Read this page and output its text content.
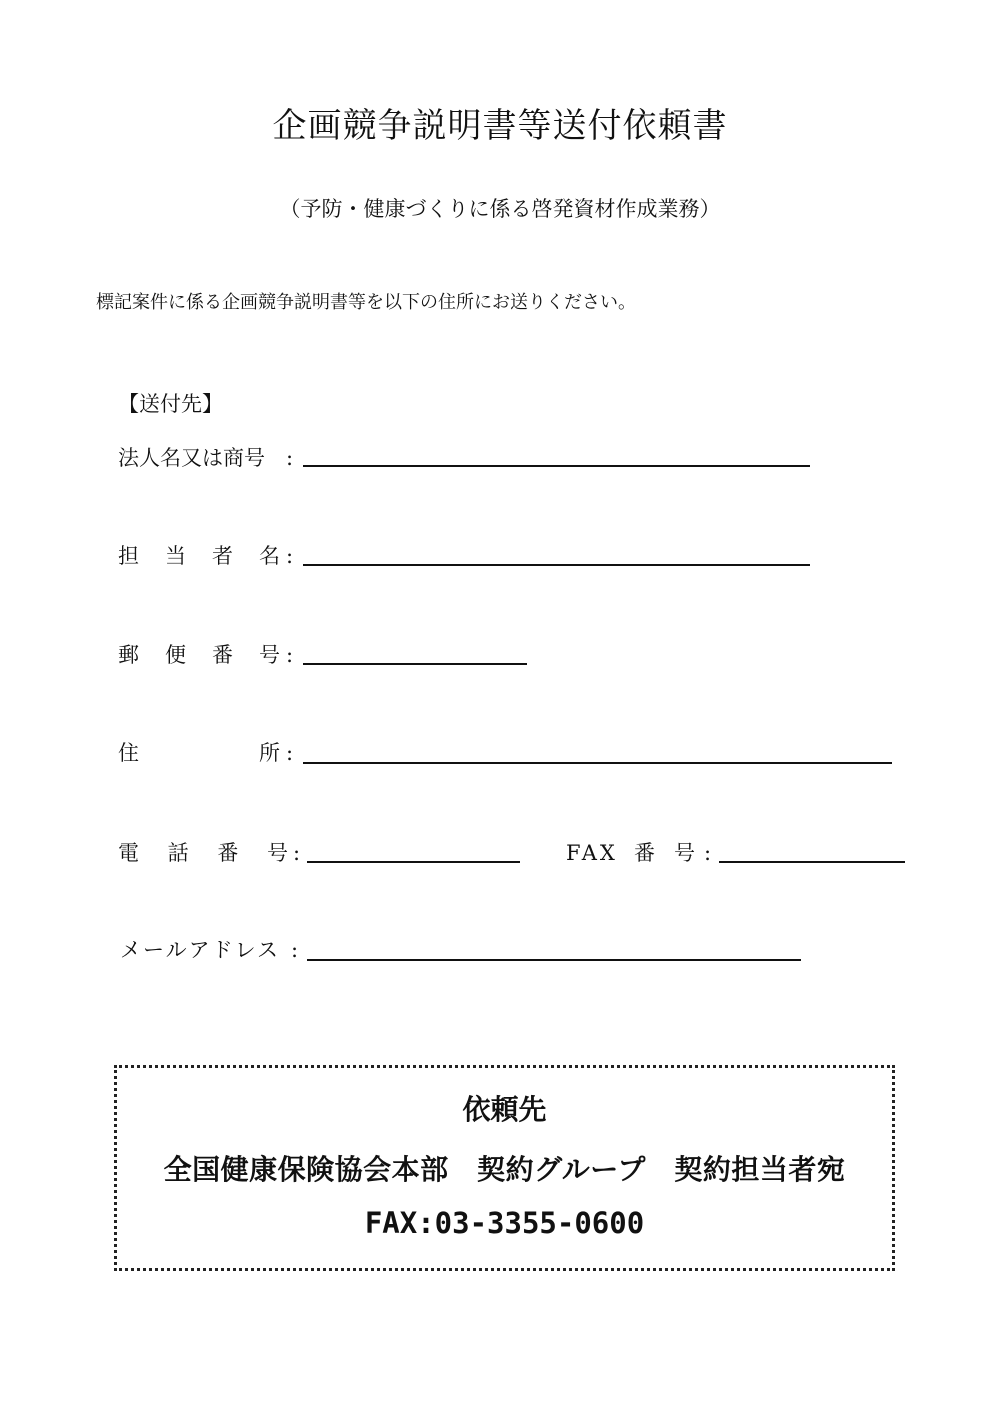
企画競争説明書等送付依頼書
（予防・健康づくりに係る啓発資材作成業務）
標記案件に係る企画競争説明書等を以下の住所にお送りください。
【送付先】
法人名又は商号 :
担 当 者 名 :
郵 便 番 号 :
住	所 :
電 話 番 号 :	FAX 番 号 :
メールアドレス :
依頼先
全国健康保険協会本部　契約グループ　契約担当者宛
FAX:03-3355-0600
